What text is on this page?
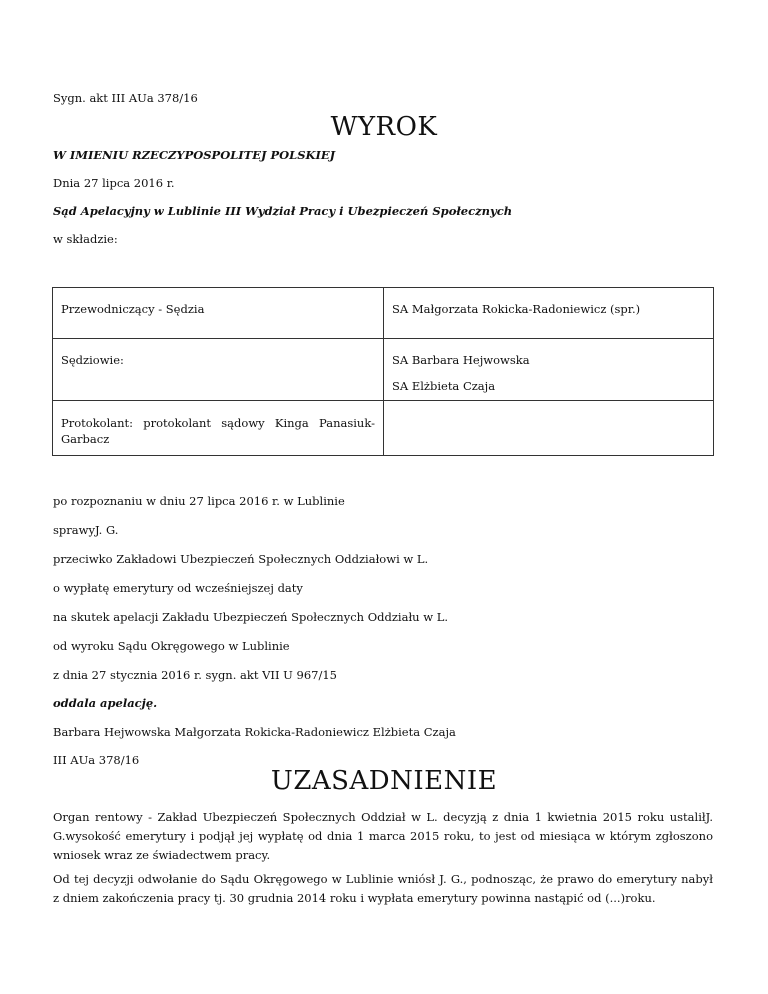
Sygn. akt III AUa 378/16
WYROK
W IMIENIU RZECZYPOSPOLITEJ POLSKIEJ
Dnia 27 lipca 2016 r.
Sąd Apelacyjny w Lublinie III Wydział Pracy i Ubezpieczeń Społecznych
w składzie:
Przewodniczący - Sędzia	SA Małgorzata Rokicka-Radoniewicz (spr.)
Sędziowie:	SA Barbara Hejwowska
SA Elżbieta Czaja

Protokolant: protokolant sądowy Kinga Panasiuk-Garbacz	
po rozpoznaniu w dniu 27 lipca 2016 r. w Lublinie
sprawyJ. G.
przeciwko Zakładowi Ubezpieczeń Społecznych Oddziałowi w L.
o wypłatę emerytury od wcześniejszej daty
na skutek apelacji Zakładu Ubezpieczeń Społecznych Oddziału w L.
od wyroku Sądu Okręgowego w Lublinie
z dnia 27 stycznia 2016 r. sygn. akt VII U 967/15
oddala apelację.
Barbara Hejwowska Małgorzata Rokicka-Radoniewicz Elżbieta Czaja
III AUa 378/16
UZASADNIENIE
Organ rentowy - Zakład Ubezpieczeń Społecznych Oddział w L. decyzją z dnia 1 kwietnia 2015 roku ustaliłJ. G.wysokość emerytury i podjął jej wypłatę od dnia 1 marca 2015 roku, to jest od miesiąca w którym zgłoszono wniosek wraz ze świadectwem pracy.
Od tej decyzji odwołanie do Sądu Okręgowego w Lublinie wniósł J. G., podnosząc, że prawo do emerytury nabył z dniem zakończenia pracy tj. 30 grudnia 2014 roku i wypłata emerytury powinna nastąpić od (...)roku.
